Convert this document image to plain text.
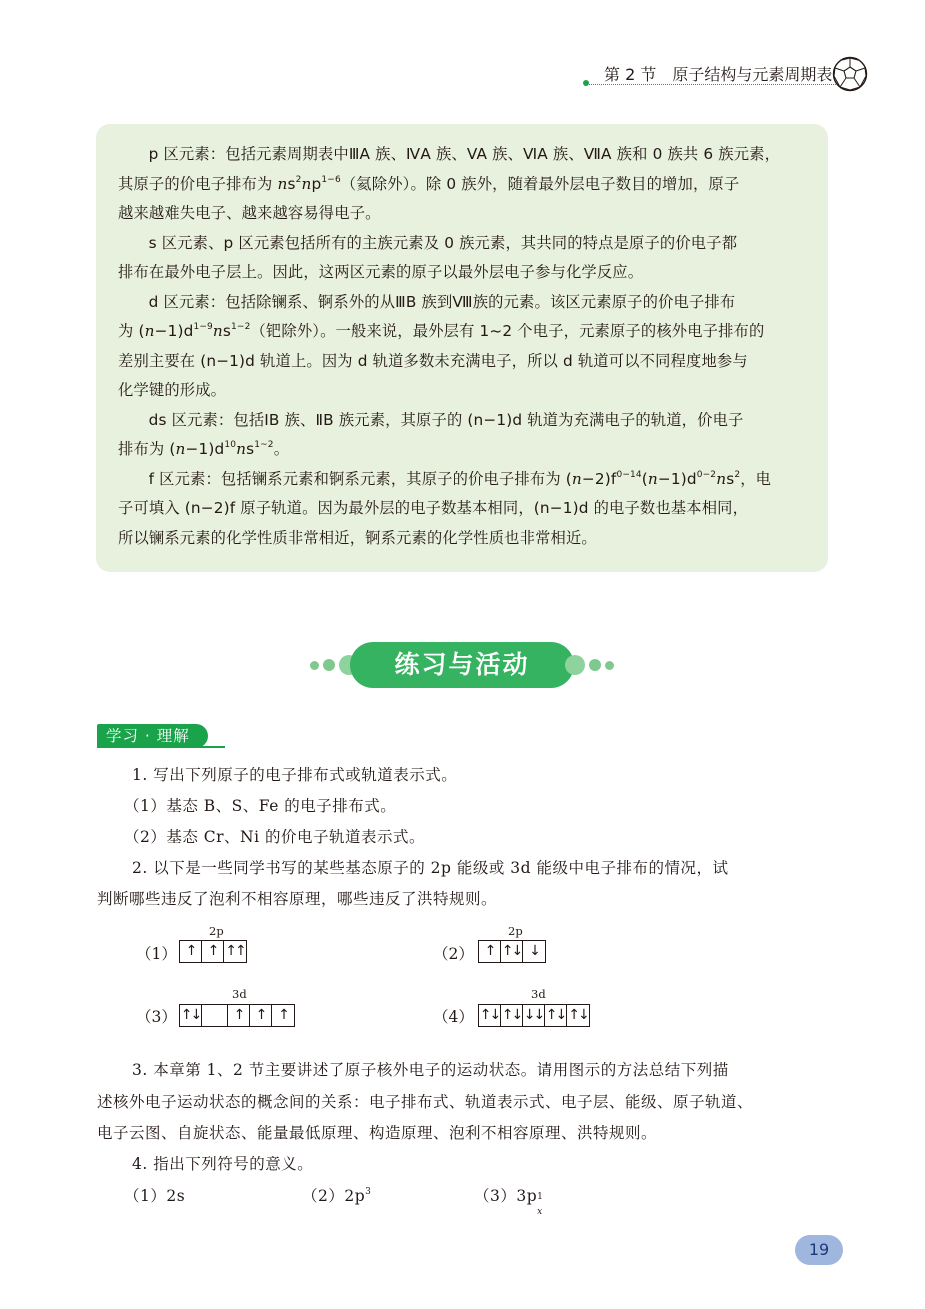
第 2 节　原子结构与元素周期表

p 区元素：包括元素周期表中ⅢA 族、ⅣA 族、VA 族、ⅥA 族、ⅦA 族和 0 族共 6 族元素，

其原子的价电子排布为 $ns^2np^{1-6}$（氦除外）。除 0 族外，随着最外层电子数目的增加，原子

越来越难失电子、越来越容易得电子。

s 区元素、p 区元素包括所有的主族元素及 0 族元素，其共同的特点是原子的价电子都

排布在最外电子层上。因此，这两区元素的原子以最外层电子参与化学反应。

d 区元素：包括除镧系、锕系外的从ⅢB 族到Ⅷ族的元素。该区元素原子的价电子排布

为 $(n-1)d^{1-9}ns^{1-2}$（钯除外）。一般来说，最外层有 1~2 个电子，元素原子的核外电子排布的

差别主要在 (n−1)d 轨道上。因为 d 轨道多数未充满电子，所以 d 轨道可以不同程度地参与

化学键的形成。

ds 区元素：包括ⅠB 族、ⅡB 族元素，其原子的 (n−1)d 轨道为充满电子的轨道，价电子

排布为 $(n-1)d^{10}ns^{1\sim 2}$。

f 区元素：包括镧系元素和锕系元素，其原子的价电子排布为 $(n-2)f^{0-14}(n-1)d^{0-2}ns^2$，电

子可填入 (n−2)f 原子轨道。因为最外层的电子数基本相同，(n−1)d 的电子数也基本相同，

所以镧系元素的化学性质非常相近，锕系元素的化学性质也非常相近。

练习与活动
学习 · 理解
1. 写出下列原子的电子排布式或轨道表示式。
（1）基态 B、S、Fe 的电子排布式。
（2）基态 Cr、Ni 的价电子轨道表示式。
2. 以下是一些同学书写的某些基态原子的 2p 能级或 3d 能级中电子排布的情况，试
判断哪些违反了泡利不相容原理，哪些违反了洪特规则。
（1）
2p
↑ ↑ ↑↑	（2）
2p
↑ ↑↓ ↓
（3）
3d
↑↓	↑ ↑ ↑	（4）
3d
↑↓ ↑↓ ↓↓ ↑↓ ↑↓
3. 本章第 1、2 节主要讲述了原子核外电子的运动状态。请用图示的方法总结下列描
述核外电子运动状态的概念间的关系：电子排布式、轨道表示式、电子层、能级、原子轨道、
电子云图、自旋状态、能量最低原理、构造原理、泡利不相容原理、洪特规则。
4. 指出下列符号的意义。
（1）2s	$(2)2p^3$	（3）3p 1
x
19
